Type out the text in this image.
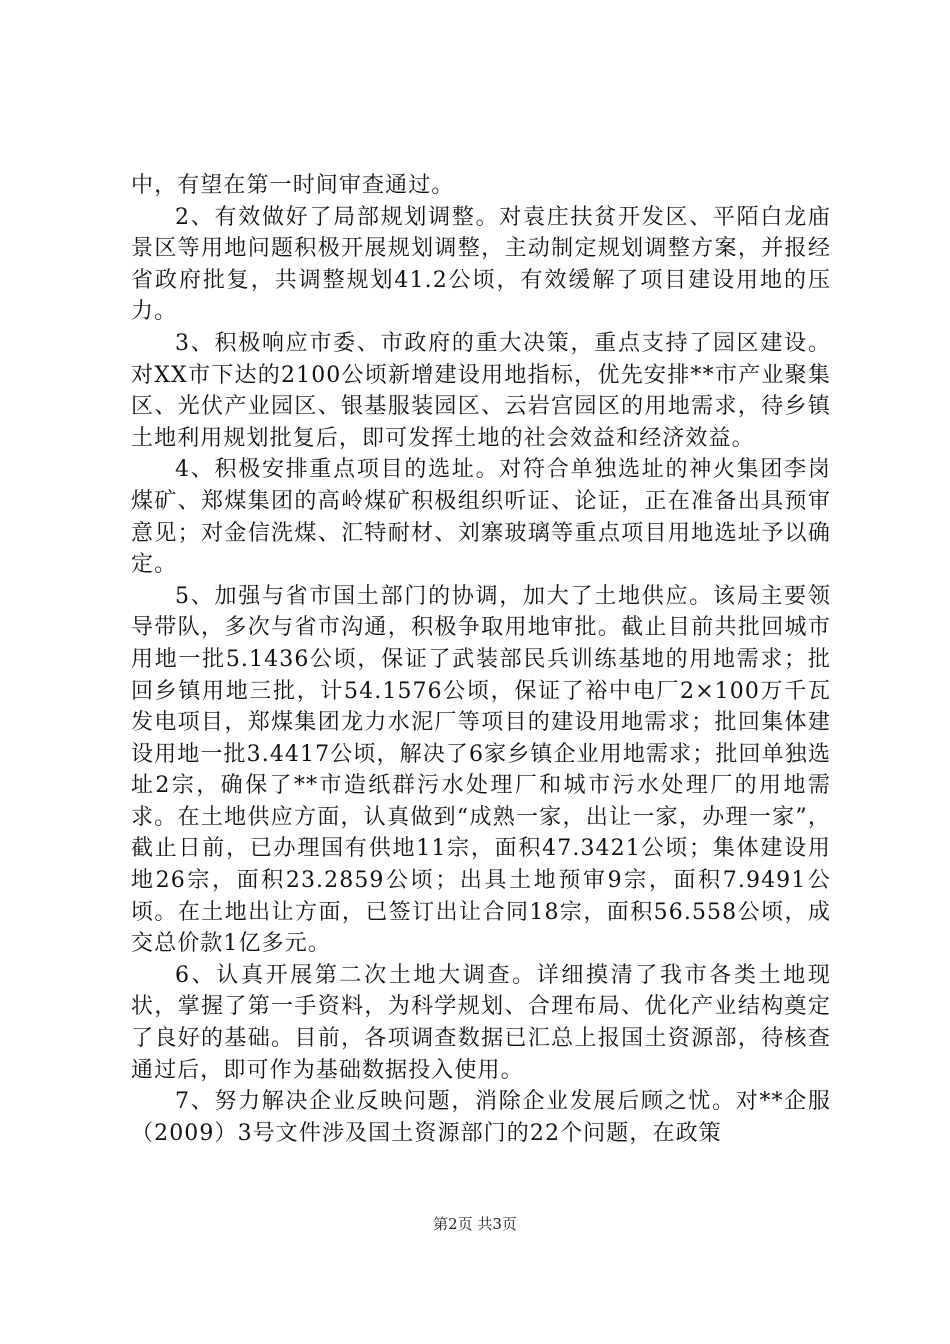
中，有望在第一时间审查通过。

2、有效做好了局部规划调整。对袁庄扶贫开发区、平陌白龙庙景区等用地问题积极开展规划调整，主动制定规划调整方案，并报经省政府批复，共调整规划41.2公顷，有效缓解了项目建设用地的压力。

3、积极响应市委、市政府的重大决策，重点支持了园区建设。对XX市下达的2100公顷新增建设用地指标，优先安排**市产业聚集区、光伏产业园区、银基服装园区、云岩宫园区的用地需求，待乡镇土地利用规划批复后，即可发挥土地的社会效益和经济效益。

4、积极安排重点项目的选址。对符合单独选址的神火集团李岗煤矿、郑煤集团的高岭煤矿积极组织听证、论证，正在准备出具预审意见；对金信洗煤、汇特耐材、刘寨玻璃等重点项目用地选址予以确定。

5、加强与省市国土部门的协调，加大了土地供应。该局主要领导带队，多次与省市沟通，积极争取用地审批。截止目前共批回城市用地一批5.1436公顷，保证了武装部民兵训练基地的用地需求；批回乡镇用地三批，计54.1576公顷，保证了裕中电厂2×100万千瓦发电项目，郑煤集团龙力水泥厂等项目的建设用地需求；批回集体建设用地一批3.4417公顷，解决了6家乡镇企业用地需求；批回单独选址2宗，确保了**市造纸群污水处理厂和城市污水处理厂的用地需求。在土地供应方面，认真做到“成熟一家，出让一家，办理一家”，截止日前，已办理国有供地11宗，面积47.3421公顷；集体建设用地26宗，面积23.2859公顷；出具土地预审9宗，面积7.9491公顷。在土地出让方面，已签订出让合同18宗，面积56.558公顷，成交总价款1亿多元。

6、认真开展第二次土地大调查。详细摸清了我市各类土地现状，掌握了第一手资料，为科学规划、合理布局、优化产业结构奠定了良好的基础。目前，各项调查数据已汇总上报国土资源部，待核查通过后，即可作为基础数据投入使用。

7、努力解决企业反映问题，消除企业发展后顾之忧。对**企服（2009）3号文件涉及国土资源部门的22个问题，在政策

第2页 共3页
